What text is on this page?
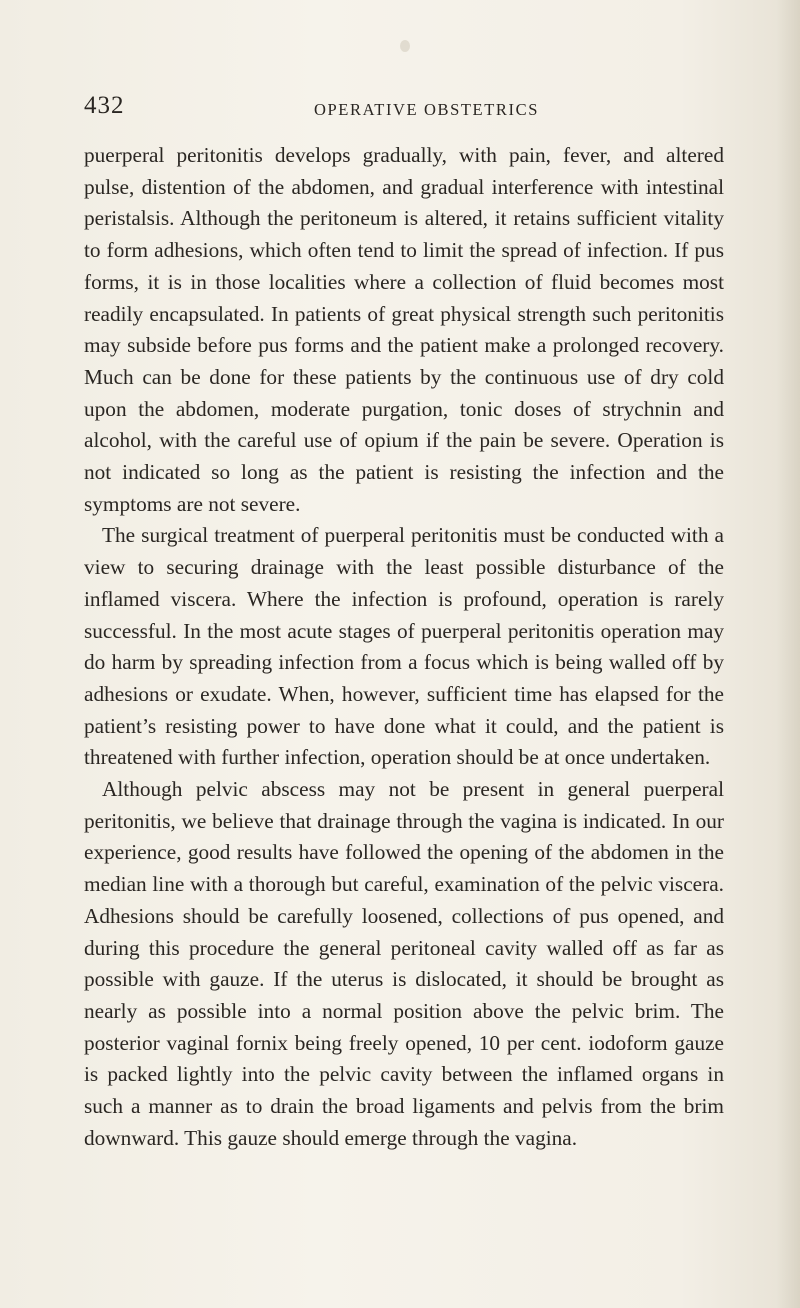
432	OPERATIVE OBSTETRICS

puerperal peritonitis develops gradually, with pain, fever, and altered pulse, distention of the abdomen, and gradual interference with intestinal peristalsis. Although the peritoneum is altered, it retains sufficient vitality to form adhesions, which often tend to limit the spread of infection. If pus forms, it is in those localities where a collection of fluid becomes most readily encapsulated. In patients of great physical strength such peritonitis may subside before pus forms and the patient make a prolonged recovery. Much can be done for these patients by the continuous use of dry cold upon the abdomen, moderate purgation, tonic doses of strychnin and alcohol, with the careful use of opium if the pain be severe. Operation is not indicated so long as the patient is resisting the infection and the symptoms are not severe.

The surgical treatment of puerperal peritonitis must be conducted with a view to securing drainage with the least possible disturbance of the inflamed viscera. Where the infection is profound, operation is rarely successful. In the most acute stages of puerperal peritonitis operation may do harm by spreading infection from a focus which is being walled off by adhesions or exudate. When, however, sufficient time has elapsed for the patient’s resisting power to have done what it could, and the patient is threatened with further infection, operation should be at once undertaken.

Although pelvic abscess may not be present in general puerperal peritonitis, we believe that drainage through the vagina is indicated. In our experience, good results have followed the opening of the abdomen in the median line with a thorough but careful, examination of the pelvic viscera. Adhesions should be carefully loosened, collections of pus opened, and during this procedure the general peritoneal cavity walled off as far as possible with gauze. If the uterus is dislocated, it should be brought as nearly as possible into a normal position above the pelvic brim. The posterior vaginal fornix being freely opened, 10 per cent. iodoform gauze is packed lightly into the pelvic cavity between the inflamed organs in such a manner as to drain the broad ligaments and pelvis from the brim downward. This gauze should emerge through the vagina.
